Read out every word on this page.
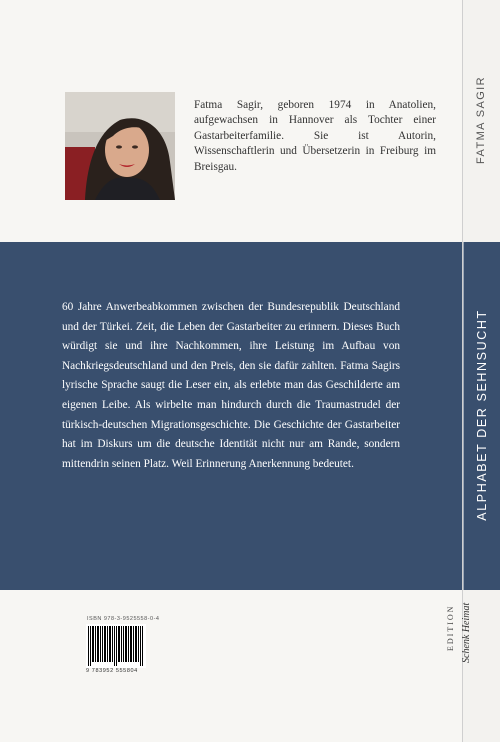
Fatma Sagir, geboren 1974 in Anatolien, aufgewachsen in Hannover als Tochter einer Gastarbeiterfamilie. Sie ist Autorin, Wissenschaftlerin und Übersetzerin in Freiburg im Breisgau.
60 Jahre Anwerbeabkommen zwischen der Bundesrepublik Deutschland und der Türkei. Zeit, die Leben der Gastarbeiter zu erinnern. Dieses Buch würdigt sie und ihre Nachkommen, ihre Leistung im Aufbau von Nachkriegsdeutschland und den Preis, den sie dafür zahlten. Fatma Sagirs lyrische Sprache saugt die Leser ein, als erlebte man das Geschilderte am eigenen Leibe. Als wirbelte man hindurch durch die Traumastrudel der türkisch-deutschen Migrationsgeschichte. Die Geschichte der Gastarbeiter hat im Diskurs um die deutsche Identität nicht nur am Rande, sondern mittendrin seinen Platz. Weil Erinnerung Anerkennung bedeutet.
FATMA SAGIR
ALPHABET DER SEHNSUCHT
ISBN 978-3-9525558-0-4
9 783952 555804
EDITION Schenk Heimat
